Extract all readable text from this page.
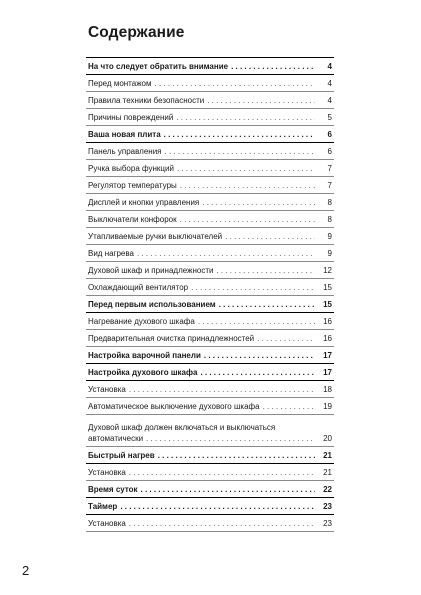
Содержание
На что следует обратить внимание . . .	4
Перед монтажом . . .	4
Правила техники безопасности . . .	4
Причины повреждений . . .	5
Ваша новая плита . . .	6
Панель управления . . .	6
Ручка выбора функций . . .	7
Регулятор температуры . . .	7
Дисплей и кнопки управления . . .	8
Выключатели конфорок . . .	8
Утапливаемые ручки выключателей . . .	9
Вид нагрева . . .	9
Духовой шкаф и принадлежности . . .	12
Охлаждающий вентилятор . . .	15
Перед первым использованием . . .	15
Нагревание духового шкафа . . .	16
Предварительная очистка принадлежностей . . .	16
Настройка варочной панели . . .	17
Настройка духового шкафа . . .	17
Установка . . .	18
Автоматическое выключение духового шкафа . . .	19
Духовой шкаф должен включаться и выключаться
автоматически . . .	20
Быстрый нагрев . . .	21
Установка . . .	21
Время суток . . .	22
Таймер . . .	23
Установка . . .	23
2
